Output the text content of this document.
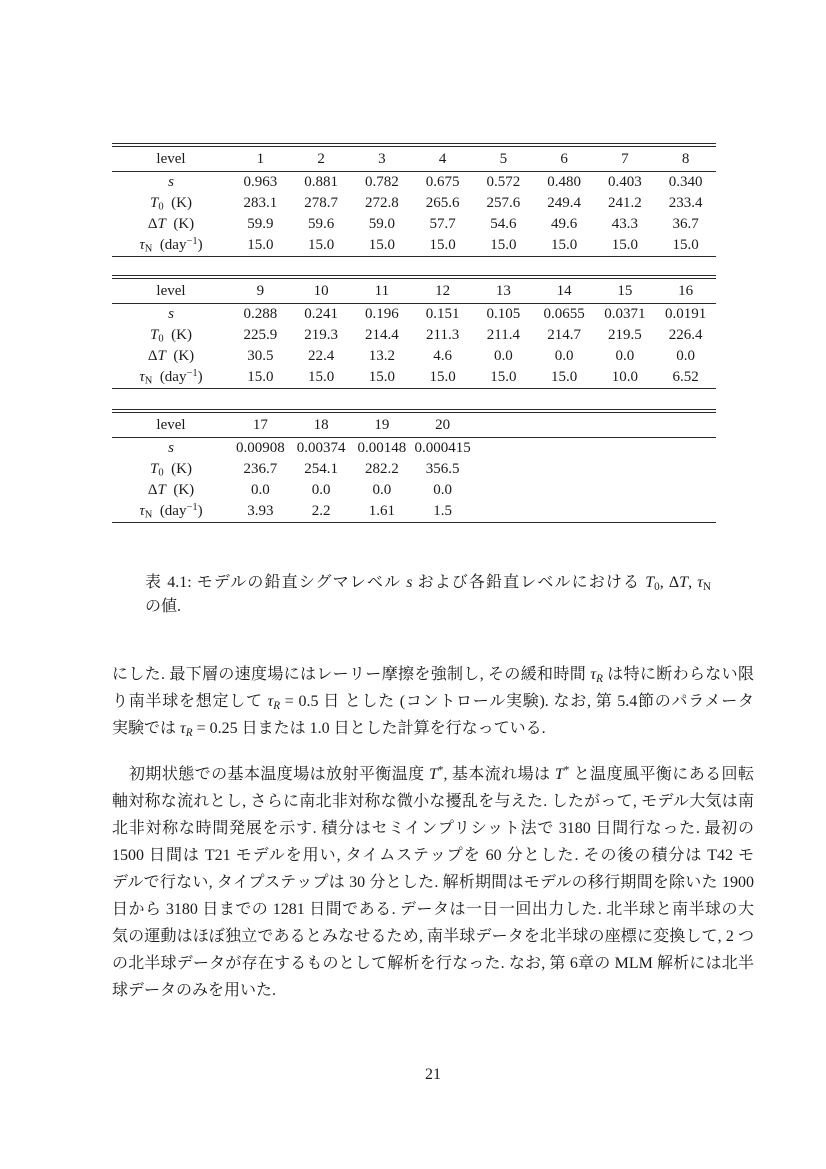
level	1	2	3	4	5	6	7	8
s	0.963	0.881	0.782	0.675	0.572	0.480	0.403	0.340
$T_0$  (K)	283.1	278.7	272.8	265.6	257.6	249.4	241.2	233.4
ΔT  (K)	59.9	59.6	59.0	57.7	54.6	49.6	43.3	36.7
$\tau_N$  (day$^{-1}$)	15.0	15.0	15.0	15.0	15.0	15.0	15.0	15.0
level	9	10	11	12	13	14	15	16
s	0.288	0.241	0.196	0.151	0.105	0.0655	0.0371	0.0191
$T_0$  (K)	225.9	219.3	214.4	211.3	211.4	214.7	219.5	226.4
ΔT  (K)	30.5	22.4	13.2	4.6	0.0	0.0	0.0	0.0
$\tau_N$  (day$^{-1}$)	15.0	15.0	15.0	15.0	15.0	15.0	10.0	6.52
level	17	18	19	20				
s	0.00908	0.00374	0.00148	0.000415				
$T_0$  (K)	236.7	254.1	282.2	356.5				
ΔT  (K)	0.0	0.0	0.0	0.0				
$\tau_N$  (day$^{-1}$)	3.93	2.2	1.61	1.5				
表 4.1: モデルの鉛直シグマレベル s および各鉛直レベルにおける $T_0$, ΔT, $\tau_N$
の値.
にした. 最下層の速度場にはレーリー摩擦を強制し, その緩和時間 $\tau_R$ は特に断わらない限
り南半球を想定して $\tau_R = 0.5$ 日 とした (コントロール実験). なお, 第 5.4節のパラメータ
実験では $\tau_R = 0.25$ 日または 1.0 日とした計算を行なっている.
初期状態での基本温度場は放射平衡温度 T*, 基本流れ場は T* と温度風平衡にある回転
軸対称な流れとし, さらに南北非対称な微小な擾乱を与えた. したがって, モデル大気は南
北非対称な時間発展を示す. 積分はセミインプリシット法で 3180 日間行なった. 最初の
1500 日間は T21 モデルを用い, タイムステップを 60 分とした. その後の積分は T42 モ
デルで行ない, タイプステップは 30 分とした. 解析期間はモデルの移行期間を除いた 1900
日から 3180 日までの 1281 日間である. データは一日一回出力した. 北半球と南半球の大
気の運動はほぼ独立であるとみなせるため, 南半球データを北半球の座標に変換して, 2 つ
の北半球データが存在するものとして解析を行なった. なお, 第 6章の MLM 解析には北半
球データのみを用いた.
21
